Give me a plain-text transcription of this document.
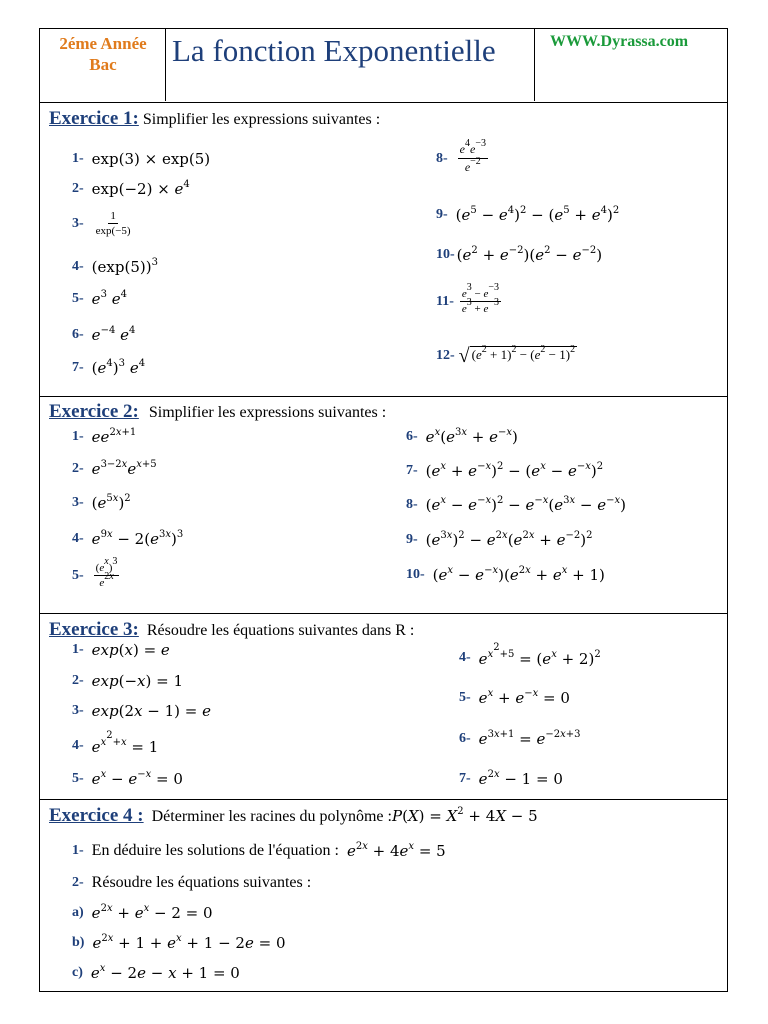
2éme Année Bac	La fonction Exponentielle	WWW.Dyrassa.com
Exercice 1: Simplifier les expressions suivantes :
1- exp(3) × exp(5)
2- $\exp(-2) \times e^4$
$3- \frac{1}{\exp(-5)}$
4- $(\exp(5))^3$
5- $e^3$ $e^4$
6- $e^{-4}$ $e^4$
7- $(e^4)^3$ $e^4$
$8- \frac{e^4e^{-3}}{e^{-2}}$
9- $(e^5 - e^4)^2 - (e^5 + e^4)^2$
10- $(e^2 + e^{-2})(e^2 - e^{-2})$
$11- \frac{e^3 - e^{-3}}{e^3 + e^{-3}}$
12- √ $(e^2 + 1)^2 - (e^2 - 1)^2$
Exercice 2: Simplifier les expressions suivantes :
1- $ee^{2x+1}$
2- $e^{3-2x}e^{x+5}$
3- $(e^{5x})^2$
4- $e^{9x} - 2(e^{3x})^3$
$5- \frac{(e^x)^3}{e^{2x}}$
6- $e^x(e^{3x} + e^{-x})$
7- $(e^x + e^{-x})^2 - (e^x - e^{-x})^2$
8- $(e^x - e^{-x})^2 - e^{-x}(e^{3x} - e^{-x})$
9- $(e^{3x})^2 - e^{2x}(e^{2x} + e^{-2})^2$
10- $(e^x - e^{-x})(e^{2x} + e^x + 1)$
Exercice 3: Résoudre les équations suivantes dans R :
1- exp(x) = e
2- exp(−x) = 1
3- exp(2x − 1) = e
4- $e^{x^2+x} = 1$
5- $e^x - e^{-x} = 0$
4- $e^{x^2+5} = (e^x + 2)^2$
5- $e^x + e^{-x} = 0$
6- $e^{3x+1} = e^{-2x+3}$
7- $e^{2x} - 1 = 0$
Exercice 4 : Déterminer les racines du polynôme :P(X) = $X^2 + 4X - 5$
1- En déduire les solutions de l'équation : $e^{2x} + 4e^x = 5$
2- Résoudre les équations suivantes :
a) $e^{2x} + e^x - 2 = 0$
b) $e^{2x} + 1 + e^x + 1 - 2e = 0$
c) $e^x - 2e - x + 1 = 0$
